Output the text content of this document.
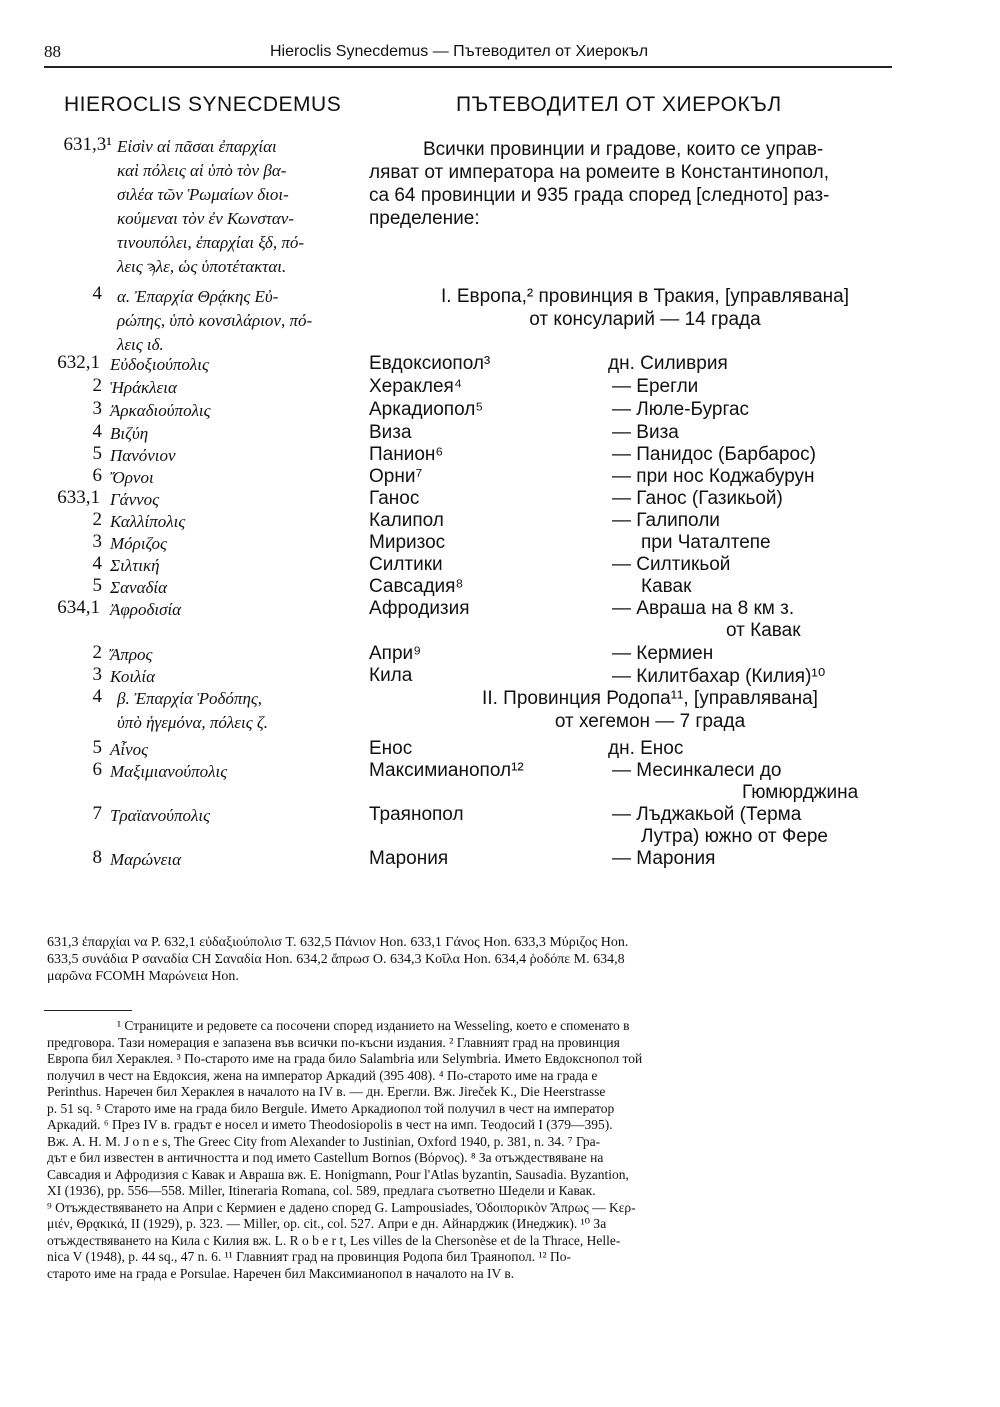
88	Hieroclis Synecdemus — Пътеводител от Хиерокъл
HIEROCLIS SYNECDEMUS	ПЪТЕВОДИТЕЛ ОТ ХИЕРОКЪЛ
631,3¹ Εἰσὶν αἱ πᾶσαι ἐπαρχίαι
καὶ πόλεις αἱ ὑπὸ τὸν βα-
σιλέα τῶν Ῥωμαίων διοι-
κούμεναι τὸν ἐν Κωνσταν-
τινουπόλει, ἐπαρχίαι ξδ, πό-
λεις ϡλε, ὡς ὑποτέτακται.
Всички провинции и градове, които се управ-
ляват от императора на ромеите в Константинопол,
са 64 провинции и 935 града според [следното] раз-
пределение:
4 α. Ἐπαρχία Θρᾴκης Εὐ-
ρώπης, ὑπὸ κονσιλάριον, πό-
λεις ιδ.
I. Европа,² провинция в Тракия, [управлявана]
от консуларий — 14 града
632,1 Εὐδοξιούπολις	Евдоксиопол³	дн. Силиврия
2 Ἡράκλεια	Хераклея⁴	— Ерегли
3 Ἀρκαδιούπολις	Аркадиопол⁵	— Люле-Бургас
4 Βιζύη	Виза	— Виза
5 Πανόνιον	Панион⁶	— Панидос (Барбарос)
6 Ὄρνοι	Орни⁷	— при нос Коджабурун
633,1 Γάννος	Ганос	— Ганос (Газикьой)
2 Καλλίπολις	Калипол	— Галиполи
3 Μόριζος	Миризос	при Чаталтепе
4 Σιλτική	Силтики	— Силтикьой
5 Σαναδία	Савсадия⁸	Кавак
634,1 Ἀφροδισία	Афродизия	— Авраша на 8 км з.
от Кавак
2 Ἄπρος	Апри⁹	— Кермиен
3 Κοιλία	Кила	— Килитбахар (Килия)¹⁰
5 Αἶνος	Енос	дн. Енос
6 Μαξιμιανούπολις	Максимианопол¹²	— Месинкалеси до
Гюмюрджина
7 Τραϊανούπολις	Траянопол	— Лъджакьой (Терма
Лутра) южно от Фере
8 Μαρώνεια	Марония	— Марония
4 β. Ἐπαρχία Ῥοδόπης,
ὑπὸ ἡγεμόνα, πόλεις ζ.
II. Провинция Родопа¹¹, [управлявана]
от хегемон — 7 града
631,3 ἐπαρχίαι να P. 632,1 εὐδαξιούπολισ T. 632,5 Πάνιον Hon. 633,1 Γάνος Hon. 633,3 Μύριζος Hon.
633,5 συνάδια P σαναδία CH Σαναδία Hon. 634,2 ἄπρωσ O. 634,3 Κοῖλα Hon. 634,4 ῥοδόπε M. 634,8
μαρῶνα FCOMH Μαρώνεια Hon.
¹ Страниците и редовете са посочени според изданието на Wesseling, което е споменато в
предговора. Тази номерация е запазена във всички по-късни издания. ² Главният град на провинция
Европа бил Хераклея. ³ По-старото име на града било Salambria или Selymbria. Името Евдокснопол той
получил в чест на Евдоксия, жена на император Аркадий (395 408). ⁴ По-старото име на града е
Perinthus. Наречен бил Хераклея в началото на IV в. — дн. Ерегли. Вж. Jireček K., Die Heerstrasse
p. 51 sq. ⁵ Старото име на града било Bergule. Името Аркадиопол той получил в чест на император
Аркадий. ⁶ През IV в. градът е носел и името Theodosiopolis в чест на имп. Теодосий I (379—395).
Вж. A. H. M. J o n e s, The Greec City from Alexander to Justinian, Oxford 1940, p. 381, n. 34. ⁷ Гра-
дът е бил известен в античността и под името Castellum Bornos (Βόρνος). ⁸ За отъждествяване на
Савсадия и Афродизия с Кавак и Авраша вж. E. Honigmann, Pour l'Atlas byzantin, Sausadia. Byzantion,
XI (1936), pp. 556—558. Miller, Itineraria Romana, col. 589, предлага съответно Шедели и Кавак.
⁹ Отъждествяването на Апри с Кермиен е дадено според G. Lampousiades, Ὁδοιπορικὸν Ἄπρως — Κερ-
μιέν, Θρᾳκικά, II (1929), p. 323. — Miller, op. cit., col. 527. Апри е дн. Айнарджик (Инеджик). ¹⁰ За
отъждествяването на Кила с Килия вж. L. R o b e r t, Les villes de la Chersonèse et de la Thrace, Helle-
nica V (1948), p. 44 sq., 47 n. 6. ¹¹ Главният град на провинция Родопа бил Траянопол. ¹² По-
старото име на града е Porsulae. Наречен бил Максимианопол в началото на IV в.
